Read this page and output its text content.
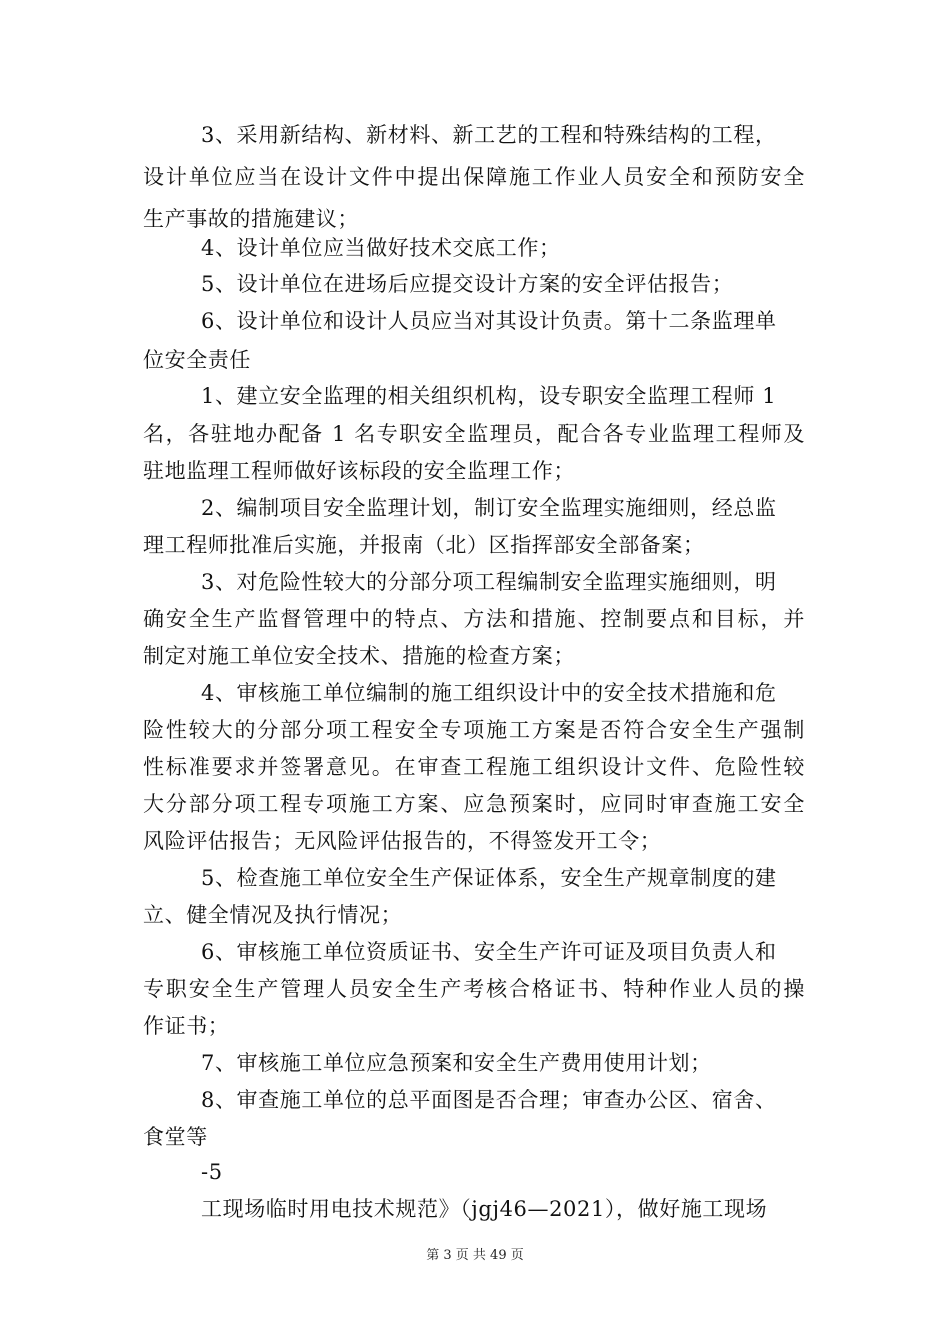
3、采用新结构、新材料、新工艺的工程和特殊结构的工程，
设计单位应当在设计文件中提出保障施工作业人员安全和预防安全
生产事故的措施建议；
4、设计单位应当做好技术交底工作；
5、设计单位在进场后应提交设计方案的安全评估报告；
6、设计单位和设计人员应当对其设计负责。第十二条监理单
位安全责任
1、建立安全监理的相关组织机构，设专职安全监理工程师 1
名，各驻地办配备 1 名专职安全监理员，配合各专业监理工程师及
驻地监理工程师做好该标段的安全监理工作；
2、编制项目安全监理计划，制订安全监理实施细则，经总监
理工程师批准后实施，并报南（北）区指挥部安全部备案；
3、对危险性较大的分部分项工程编制安全监理实施细则，明
确安全生产监督管理中的特点、方法和措施、控制要点和目标，并
制定对施工单位安全技术、措施的检查方案；
4、审核施工单位编制的施工组织设计中的安全技术措施和危
险性较大的分部分项工程安全专项施工方案是否符合安全生产强制
性标准要求并签署意见。在审查工程施工组织设计文件、危险性较
大分部分项工程专项施工方案、应急预案时，应同时审查施工安全
风险评估报告；无风险评估报告的，不得签发开工令；
5、检查施工单位安全生产保证体系，安全生产规章制度的建
立、健全情况及执行情况；
6、审核施工单位资质证书、安全生产许可证及项目负责人和
专职安全生产管理人员安全生产考核合格证书、特种作业人员的操
作证书；
7、审核施工单位应急预案和安全生产费用使用计划；
8、审查施工单位的总平面图是否合理；审查办公区、宿舍、
食堂等
-5
工现场临时用电技术规范》（jgj46—2021），做好施工现场
第 3 页 共 49 页
